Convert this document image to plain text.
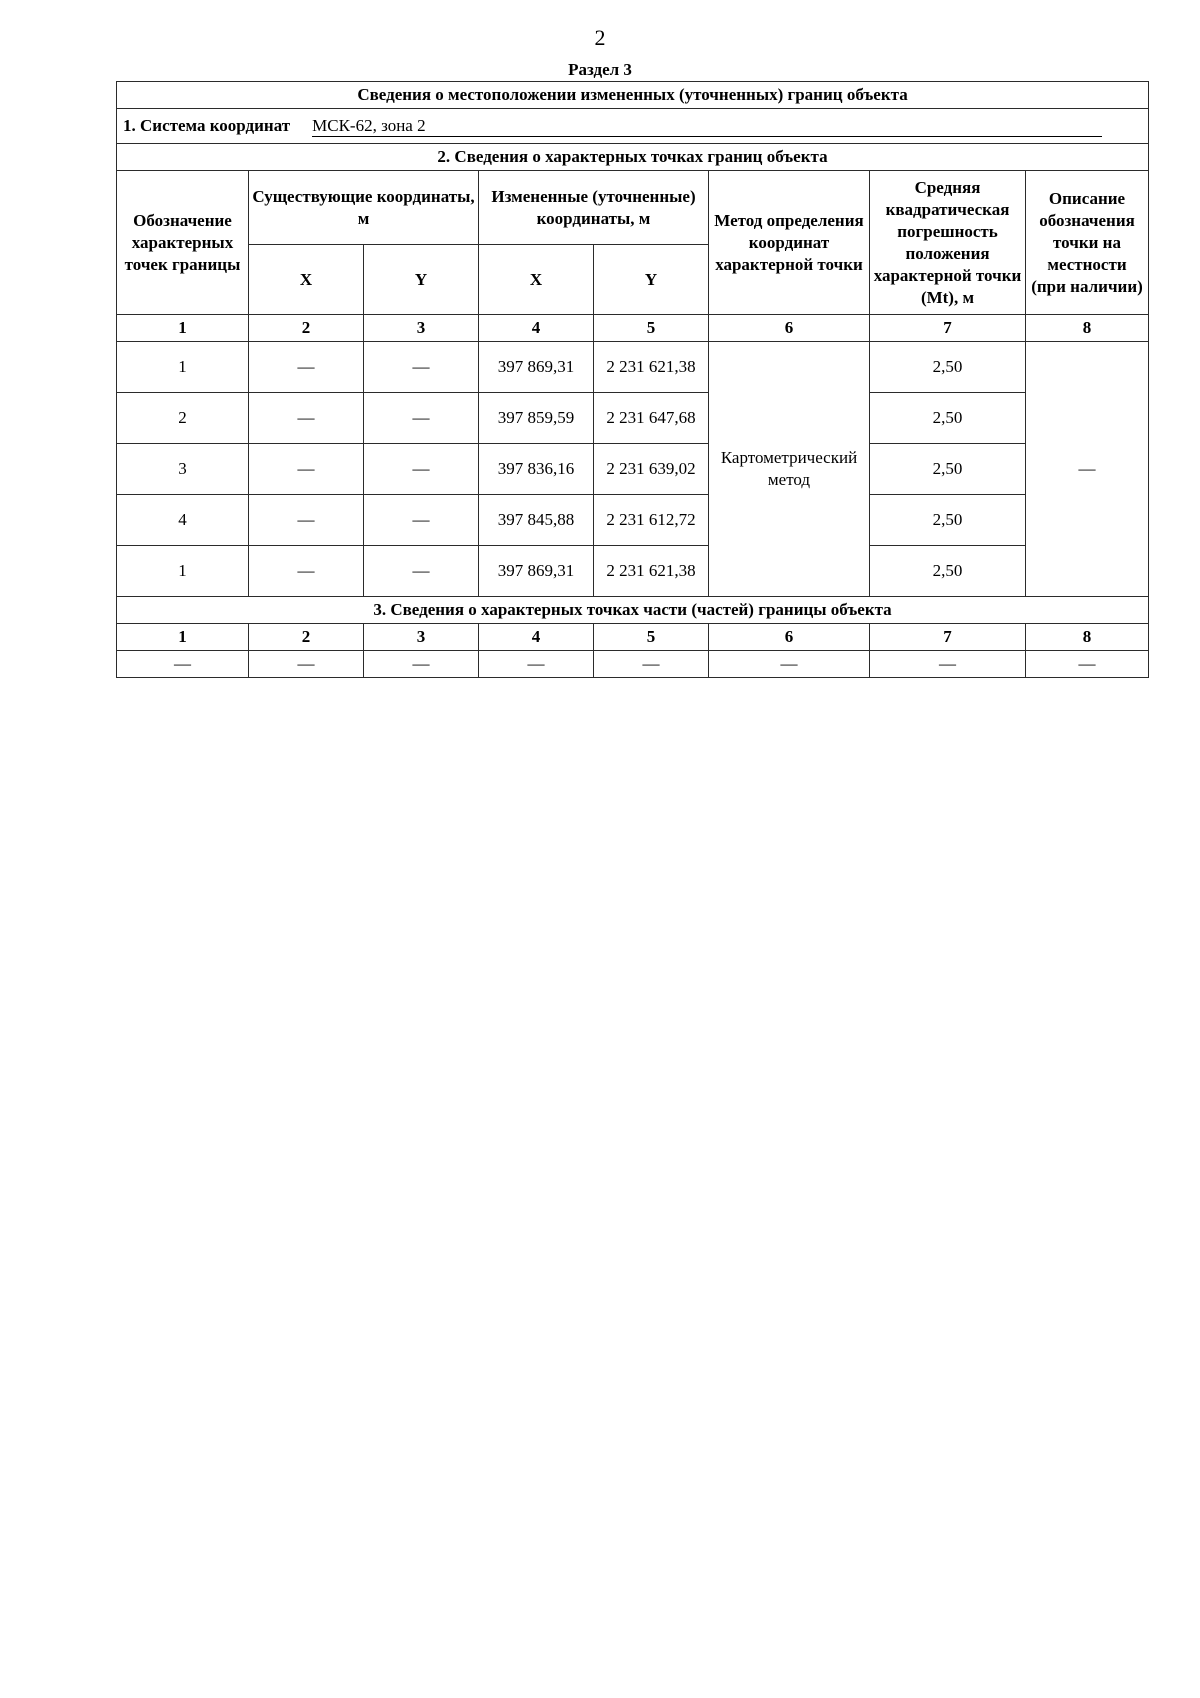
2
Раздел 3
Сведения о местоположении измененных (уточненных) границ объекта							
1. Система координат МСК-62, зона 2							
2. Сведения о характерных точках границ объекта							
Обозначение характерных точек границы	Существующие координаты, м		Измененные (уточненные) координаты, м		Метод определения координат характерной точки	Средняя квадратическая погрешность положения характерной точки (Mt), м	Описание обозначения точки на местности (при наличии)
	X	Y	X	Y			
1	2	3	4	5	6	7	8
1	—	—	397 869,31	2 231 621,38	Картометрический метод	2,50	—
2	—	—	397 859,59	2 231 647,68		2,50	
3	—	—	397 836,16	2 231 639,02		2,50	
4	—	—	397 845,88	2 231 612,72		2,50	
1	—	—	397 869,31	2 231 621,38		2,50	
3. Сведения о характерных точках части (частей) границы объекта							
1	2	3	4	5	6	7	8
—	—	—	—	—	—	—	—
